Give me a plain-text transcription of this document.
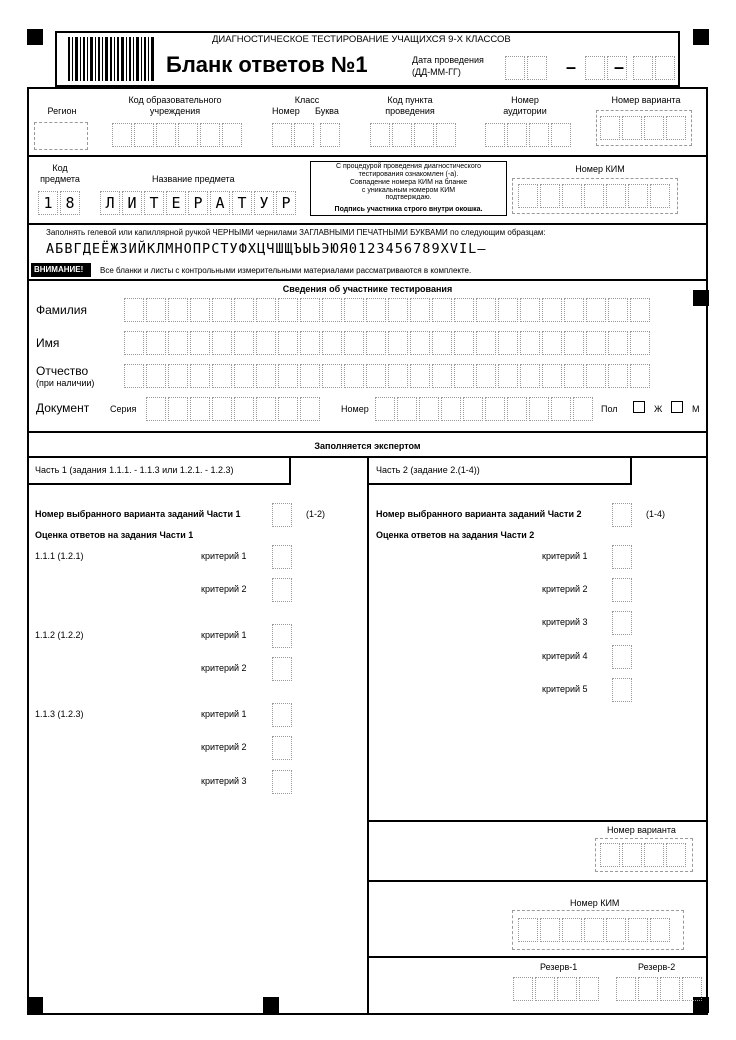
ДИАГНОСТИЧЕСКОЕ ТЕСТИРОВАНИЕ УЧАЩИХСЯ 9-Х КЛАССОВ
Бланк ответов №1	Дата проведения
(ДД-ММ-ГГ)	– –
Регион
Код образовательного
учреждения
Класс
Номер Буква
Код пункта
проведения
Номер
аудитории
Номер варианта
Код
предмета
1 8
Название предмета
Л И Т Е Р А Т У Р
С процедурой проведения диагностического
тестирования ознакомлен (-а).
Совпадение номера КИМ на бланке
с уникальным номером КИМ
подтверждаю.
Подпись участника строго внутри окошка.
Номер КИМ
Заполнять гелевой или капиллярной ручкой ЧЕРНЫМИ чернилами ЗАГЛАВНЫМИ ПЕЧАТНЫМИ БУКВАМИ по следующим образцам:
АБВГДЕЁЖЗИЙКЛМНОПРСТУФХЦЧШЩЪЫЬЭЮЯ0123456789XVIL–
ВНИМАНИЕ! Все бланки и листы с контрольными измерительными материалами рассматриваются в комплекте.
Сведения об участнике тестирования
Фамилия
Имя
Отчество
(при наличии)
Документ Серия	Номер	Пол	Ж	М
Заполняется экспертом
Часть 1 (задания 1.1.1. - 1.1.3 или 1.2.1. - 1.2.3)	Часть 2 (задание 2.(1-4))
Номер выбранного варианта заданий Части 1	(1-2)
Оценка ответов на задания Части 1
1.1.1 (1.2.1)	критерий 1
критерий 2
1.1.2 (1.2.2)	критерий 1
критерий 2
1.1.3 (1.2.3)	критерий 1
критерий 2
критерий 3
Номер выбранного варианта заданий Части 2	(1-4)
Оценка ответов на задания Части 2
критерий 1
критерий 2
критерий 3
критерий 4
критерий 5
Номер варианта
Номер КИМ
Резерв-1	Резерв-2
